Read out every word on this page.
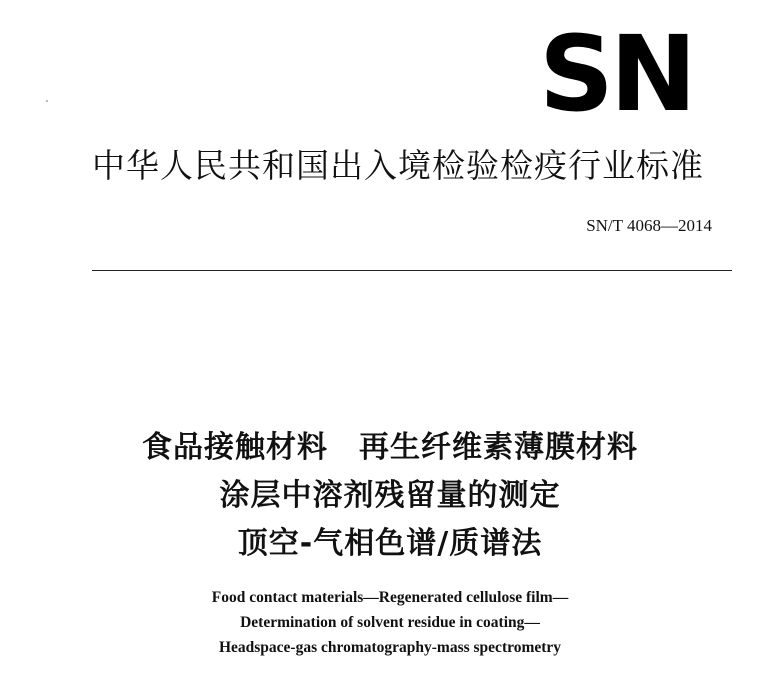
SN
中华人民共和国出入境检验检疫行业标准
SN/T 4068—2014
食品接触材料　再生纤维素薄膜材料
涂层中溶剂残留量的测定
顶空-气相色谱/质谱法
Food contact materials—Regenerated cellulose film—
Determination of solvent residue in coating—
Headspace-gas chromatography-mass spectrometry
